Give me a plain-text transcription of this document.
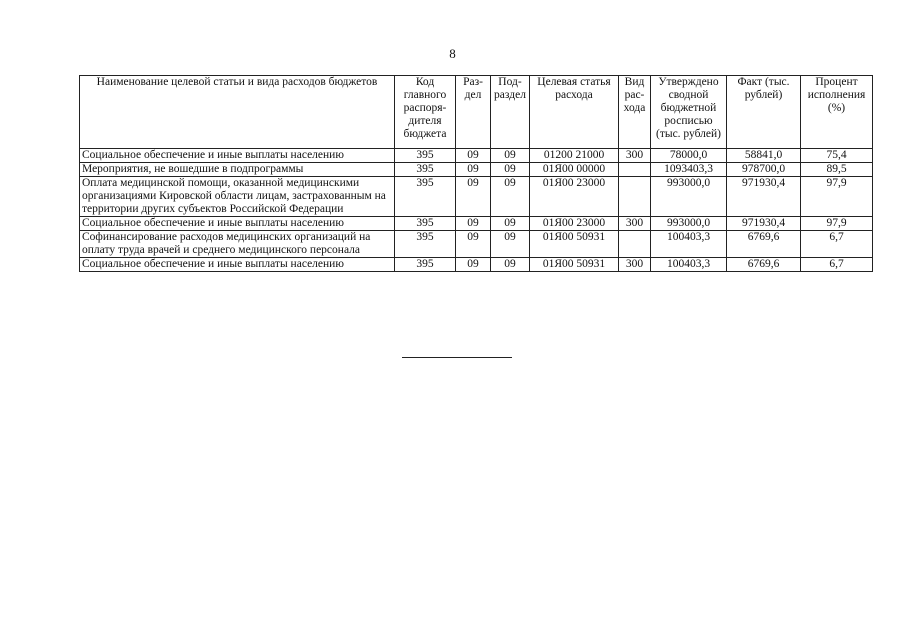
8
Наименование целевой статьи и вида расходов бюджетов	Код главного распоря-дителя бюджета	Раз-дел	Под-раздел	Целевая статья расхода	Вид рас-хода	Утверждено сводной бюджетной росписью (тыс. рублей)	Факт (тыс. рублей)	Процент исполнения (%)
Социальное обеспечение и иные выплаты населению	395	09	09	01200 21000	300	78000,0	58841,0	75,4
Мероприятия, не вошедшие в подпрограммы	395	09	09	01Я00 00000		1093403,3	978700,0	89,5
Оплата медицинской помощи, оказанной медицинскими организациями Кировской области лицам, застрахованным на территории других субъектов Российской Федерации	395	09	09	01Я00 23000		993000,0	971930,4	97,9
Социальное обеспечение и иные выплаты населению	395	09	09	01Я00 23000	300	993000,0	971930,4	97,9
Софинансирование расходов медицинских организаций на оплату труда врачей и среднего медицинского персонала	395	09	09	01Я00 50931		100403,3	6769,6	6,7
Социальное обеспечение и иные выплаты населению	395	09	09	01Я00 50931	300	100403,3	6769,6	6,7
